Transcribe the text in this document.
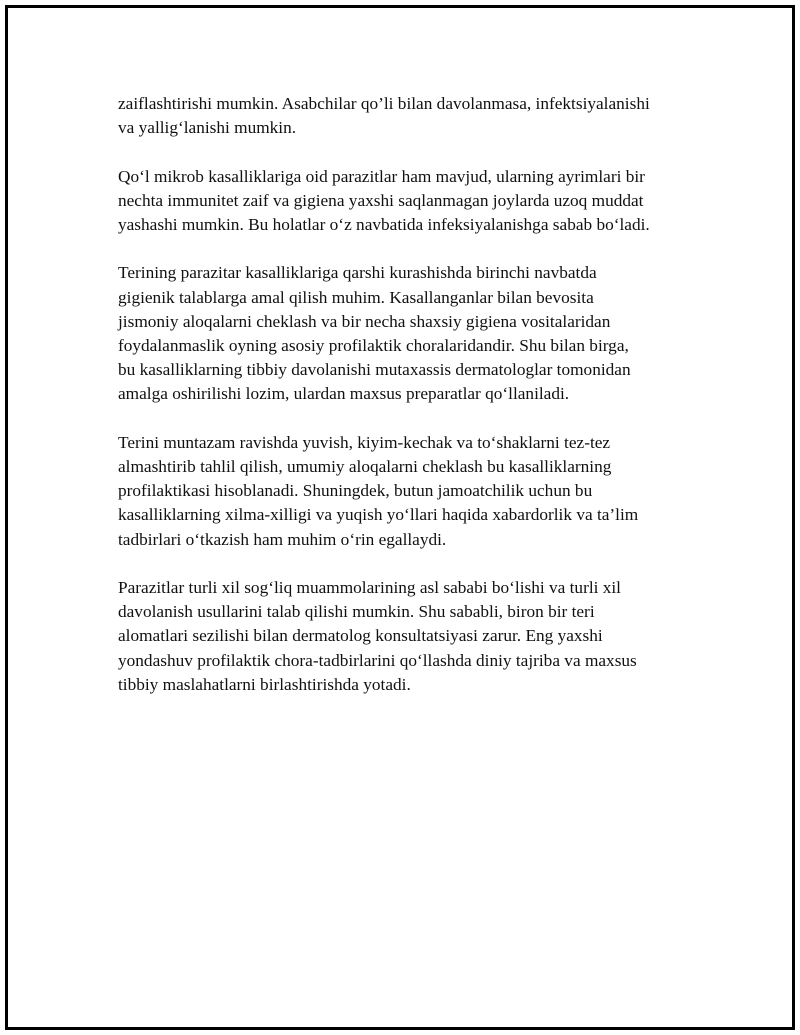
zaiflashtirishi mumkin. Asabchilar qo’li bilan davolanmasa, infektsiyalanishi
va yallig‘lanishi mumkin.

Qo‘l mikrob kasalliklariga oid parazitlar ham mavjud, ularning ayrimlari bir
nechta immunitet zaif va gigiena yaxshi saqlanmagan joylarda uzoq muddat
yashashi mumkin. Bu holatlar o‘z navbatida infeksiyalanishga sabab bo‘ladi.

Terining parazitar kasalliklariga qarshi kurashishda birinchi navbatda
gigienik talablarga amal qilish muhim. Kasallanganlar bilan bevosita
jismoniy aloqalarni cheklash va bir necha shaxsiy gigiena vositalaridan
foydalanmaslik oyning asosiy profilaktik choralaridandir. Shu bilan birga,
bu kasalliklarning tibbiy davolanishi mutaxassis dermatologlar tomonidan
amalga oshirilishi lozim, ulardan maxsus preparatlar qo‘llaniladi.

Terini muntazam ravishda yuvish, kiyim-kechak va to‘shaklarni tez-tez
almashtirib tahlil qilish, umumiy aloqalarni cheklash bu kasalliklarning
profilaktikasi hisoblanadi. Shuningdek, butun jamoatchilik uchun bu
kasalliklarning xilma-xilligi va yuqish yo‘llari haqida xabardorlik va ta’lim
tadbirlari o‘tkazish ham muhim o‘rin egallaydi.

Parazitlar turli xil sog‘liq muammolarining asl sababi bo‘lishi va turli xil
davolanish usullarini talab qilishi mumkin. Shu sababli, biron bir teri
alomatlari sezilishi bilan dermatolog konsultatsiyasi zarur. Eng yaxshi
yondashuv profilaktik chora-tadbirlarini qo‘llashda diniy tajriba va maxsus
tibbiy maslahatlarni birlashtirishda yotadi.
